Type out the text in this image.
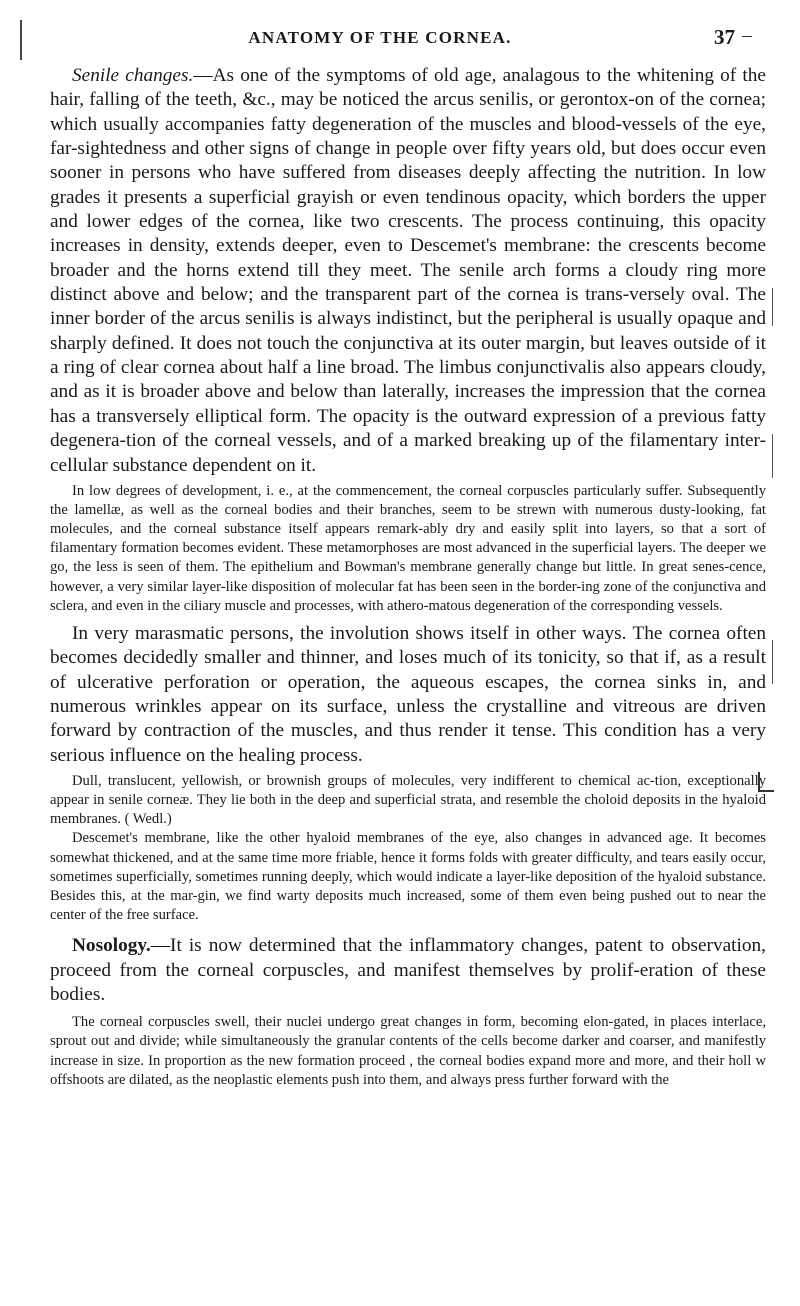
ANATOMY OF THE CORNEA.	37

Senile changes.—As one of the symptoms of old age, analagous to the whitening of the hair, falling of the teeth, &c., may be noticed the arcus senilis, or gerontox-on of the cornea; which usually accompanies fatty degeneration of the muscles and blood-vessels of the eye, far-sightedness and other signs of change in people over fifty years old, but does occur even sooner in persons who have suffered from diseases deeply affecting the nutrition. In low grades it presents a superficial grayish or even tendinous opacity, which borders the upper and lower edges of the cornea, like two crescents. The process continuing, this opacity increases in density, extends deeper, even to Descemet's membrane: the crescents become broader and the horns extend till they meet. The senile arch forms a cloudy ring more distinct above and below; and the transparent part of the cornea is trans-versely oval. The inner border of the arcus senilis is always indistinct, but the peripheral is usually opaque and sharply defined. It does not touch the conjunctiva at its outer margin, but leaves outside of it a ring of clear cornea about half a line broad. The limbus conjunctivalis also appears cloudy, and as it is broader above and below than laterally, increases the impression that the cornea has a transversely elliptical form. The opacity is the outward expression of a previous fatty degenera-tion of the corneal vessels, and of a marked breaking up of the filamentary inter-cellular substance dependent on it.

In low degrees of development, i. e., at the commencement, the corneal corpuscles particularly suffer. Subsequently the lamellæ, as well as the corneal bodies and their branches, seem to be strewn with numerous dusty-looking, fat molecules, and the corneal substance itself appears remark-ably dry and easily split into layers, so that a sort of filamentary formation becomes evident. These metamorphoses are most advanced in the superficial layers. The deeper we go, the less is seen of them. The epithelium and Bowman's membrane generally change but little. In great senes-cence, however, a very similar layer-like disposition of molecular fat has been seen in the border-ing zone of the conjunctiva and sclera, and even in the ciliary muscle and processes, with athero-matous degeneration of the corresponding vessels.

In very marasmatic persons, the involution shows itself in other ways. The cornea often becomes decidedly smaller and thinner, and loses much of its tonicity, so that if, as a result of ulcerative perforation or operation, the aqueous escapes, the cornea sinks in, and numerous wrinkles appear on its surface, unless the crystalline and vitreous are driven forward by contraction of the muscles, and thus render it tense. This condition has a very serious influence on the healing process.

Dull, translucent, yellowish, or brownish groups of molecules, very indifferent to chemical ac-tion, exceptionally appear in senile corneæ. They lie both in the deep and superficial strata, and resemble the choloid deposits in the hyaloid membranes. ( Wedl.)

Descemet's membrane, like the other hyaloid membranes of the eye, also changes in advanced age. It becomes somewhat thickened, and at the same time more friable, hence it forms folds with greater difficulty, and tears easily occur, sometimes superficially, sometimes running deeply, which would indicate a layer-like deposition of the hyaloid substance. Besides this, at the mar-gin, we find warty deposits much increased, some of them even being pushed out to near the center of the free surface.

Nosology.—It is now determined that the inflammatory changes, patent to observation, proceed from the corneal corpuscles, and manifest themselves by prolif-eration of these bodies.

The corneal corpuscles swell, their nuclei undergo great changes in form, becoming elon-gated, in places interlace, sprout out and divide; while simultaneously the granular contents of the cells become darker and coarser, and manifestly increase in size. In proportion as the new formation proceed , the corneal bodies expand more and more, and their holl w offshoots are dilated, as the neoplastic elements push into them, and always press further forward with the
